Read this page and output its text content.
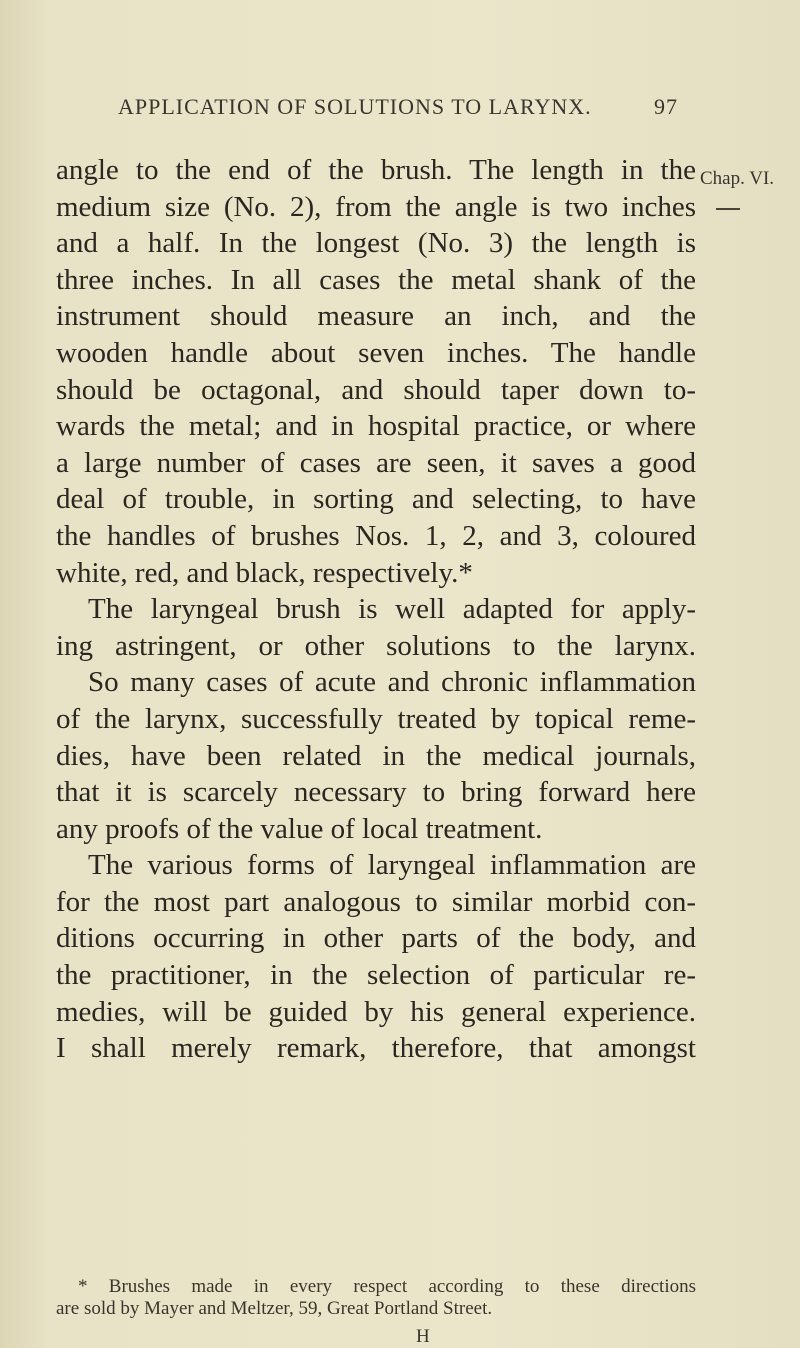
APPLICATION OF SOLUTIONS TO LARYNX.	97
Chap. VI.
angle to the end of the brush. The length in the
medium size (No. 2), from the angle is two inches
and a half. In the longest (No. 3) the length is
three inches. In all cases the metal shank of the
instrument should measure an inch, and the
wooden handle about seven inches. The handle
should be octagonal, and should taper down to-
wards the metal; and in hospital practice, or where
a large number of cases are seen, it saves a good
deal of trouble, in sorting and selecting, to have
the handles of brushes Nos. 1, 2, and 3, coloured
white, red, and black, respectively.*
The laryngeal brush is well adapted for apply-
ing astringent, or other solutions to the larynx.
So many cases of acute and chronic inflammation
of the larynx, successfully treated by topical reme-
dies, have been related in the medical journals,
that it is scarcely necessary to bring forward here
any proofs of the value of local treatment.
The various forms of laryngeal inflammation are
for the most part analogous to similar morbid con-
ditions occurring in other parts of the body, and
the practitioner, in the selection of particular re-
medies, will be guided by his general experience.
I shall merely remark, therefore, that amongst
* Brushes made in every respect according to these directions
are sold by Mayer and Meltzer, 59, Great Portland Street.
H
